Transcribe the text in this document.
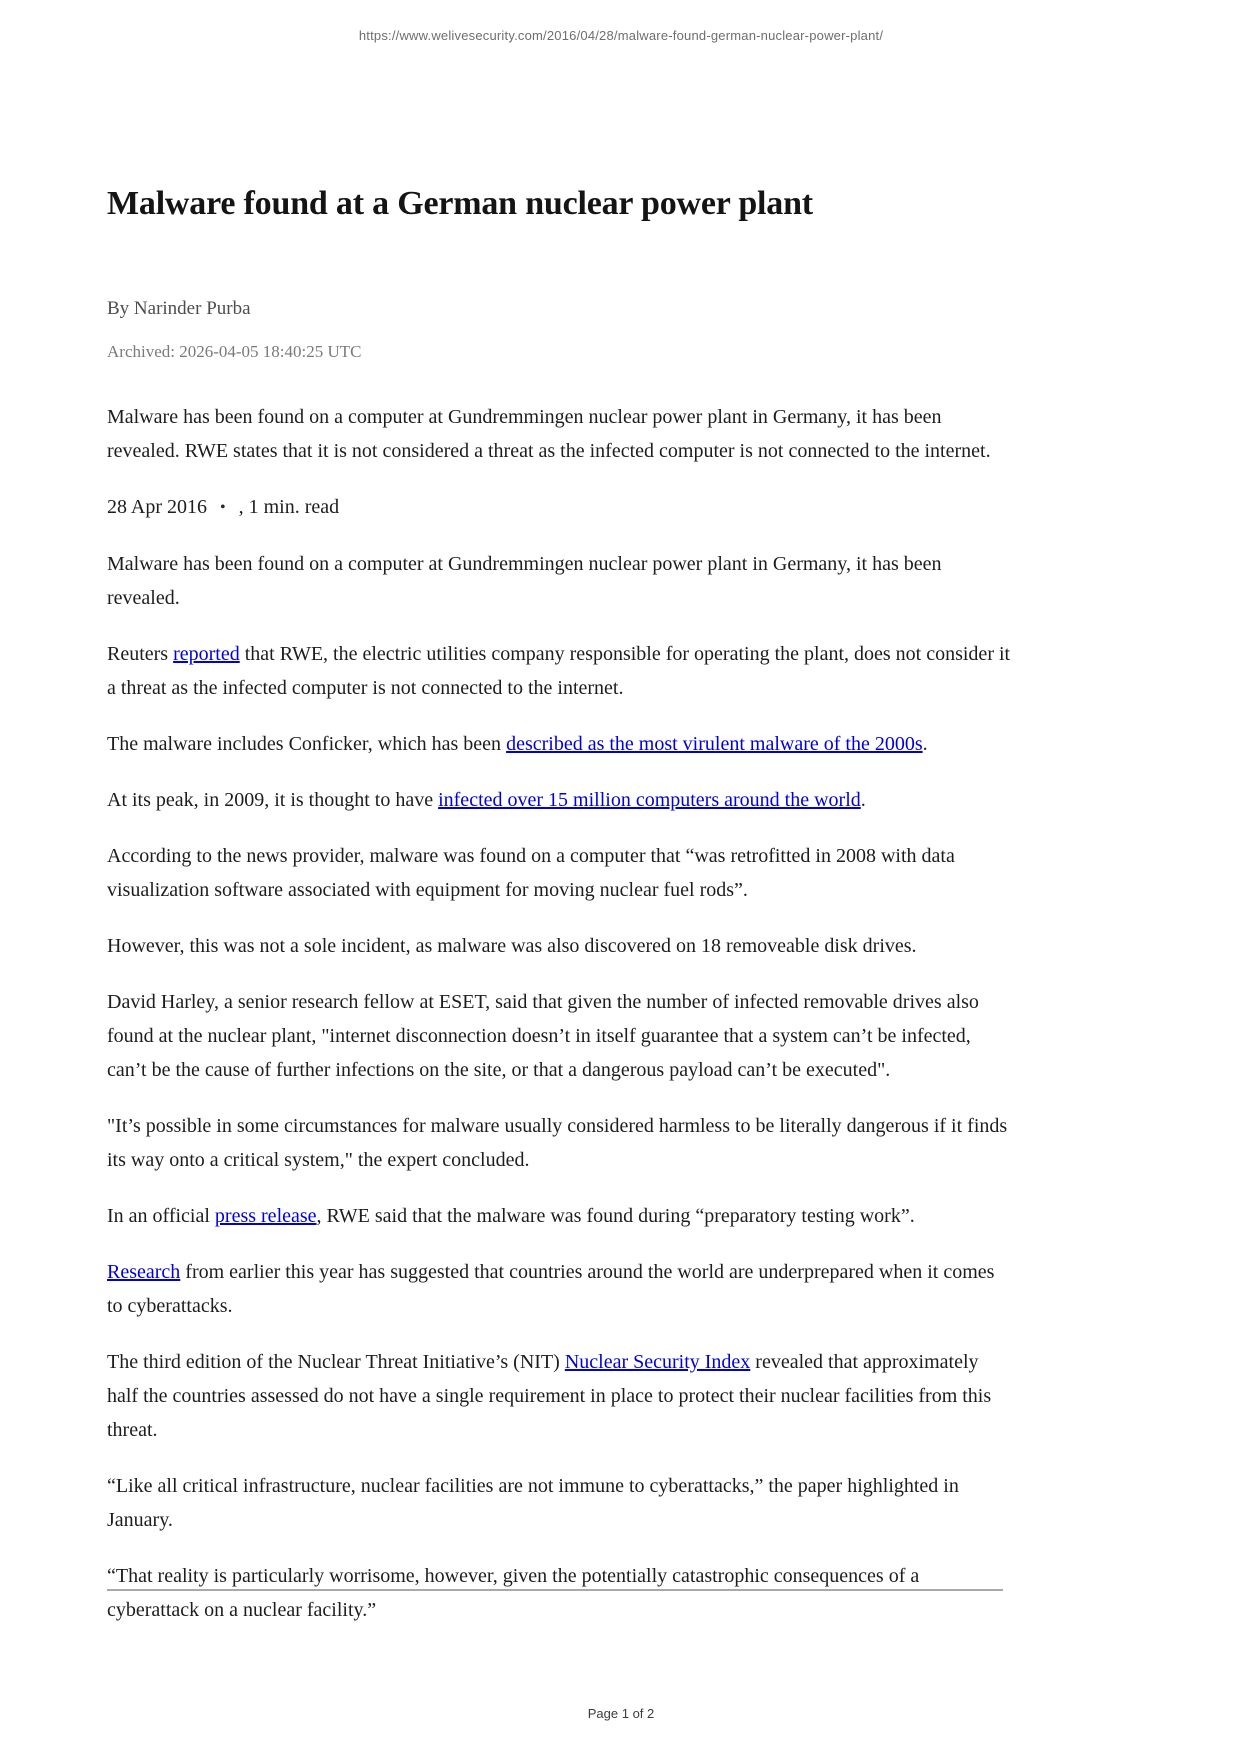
https://www.welivesecurity.com/2016/04/28/malware-found-german-nuclear-power-plant/
Malware found at a German nuclear power plant
By Narinder Purba
Archived: 2026-04-05 18:40:25 UTC

Malware has been found on a computer at Gundremmingen nuclear power plant in Germany, it has been revealed. RWE states that it is not considered a threat as the infected computer is not connected to the internet.

28 Apr 2016 • , 1 min. read

Malware has been found on a computer at Gundremmingen nuclear power plant in Germany, it has been revealed.

Reuters reported that RWE, the electric utilities company responsible for operating the plant, does not consider it a threat as the infected computer is not connected to the internet.

The malware includes Conficker, which has been described as the most virulent malware of the 2000s.

At its peak, in 2009, it is thought to have infected over 15 million computers around the world.

According to the news provider, malware was found on a computer that “was retrofitted in 2008 with data visualization software associated with equipment for moving nuclear fuel rods”.

However, this was not a sole incident, as malware was also discovered on 18 removeable disk drives.

David Harley, a senior research fellow at ESET, said that given the number of infected removable drives also found at the nuclear plant, "internet disconnection doesn’t in itself guarantee that a system can’t be infected, can’t be the cause of further infections on the site, or that a dangerous payload can’t be executed".

"It’s possible in some circumstances for malware usually considered harmless to be literally dangerous if it finds its way onto a critical system," the expert concluded.

In an official press release, RWE said that the malware was found during “preparatory testing work”.

Research from earlier this year has suggested that countries around the world are underprepared when it comes to cyberattacks.

The third edition of the Nuclear Threat Initiative’s (NIT) Nuclear Security Index revealed that approximately half the countries assessed do not have a single requirement in place to protect their nuclear facilities from this threat.

“Like all critical infrastructure, nuclear facilities are not immune to cyberattacks,” the paper highlighted in January.

“That reality is particularly worrisome, however, given the potentially catastrophic consequences of a cyberattack on a nuclear facility.”

Page 1 of 2
